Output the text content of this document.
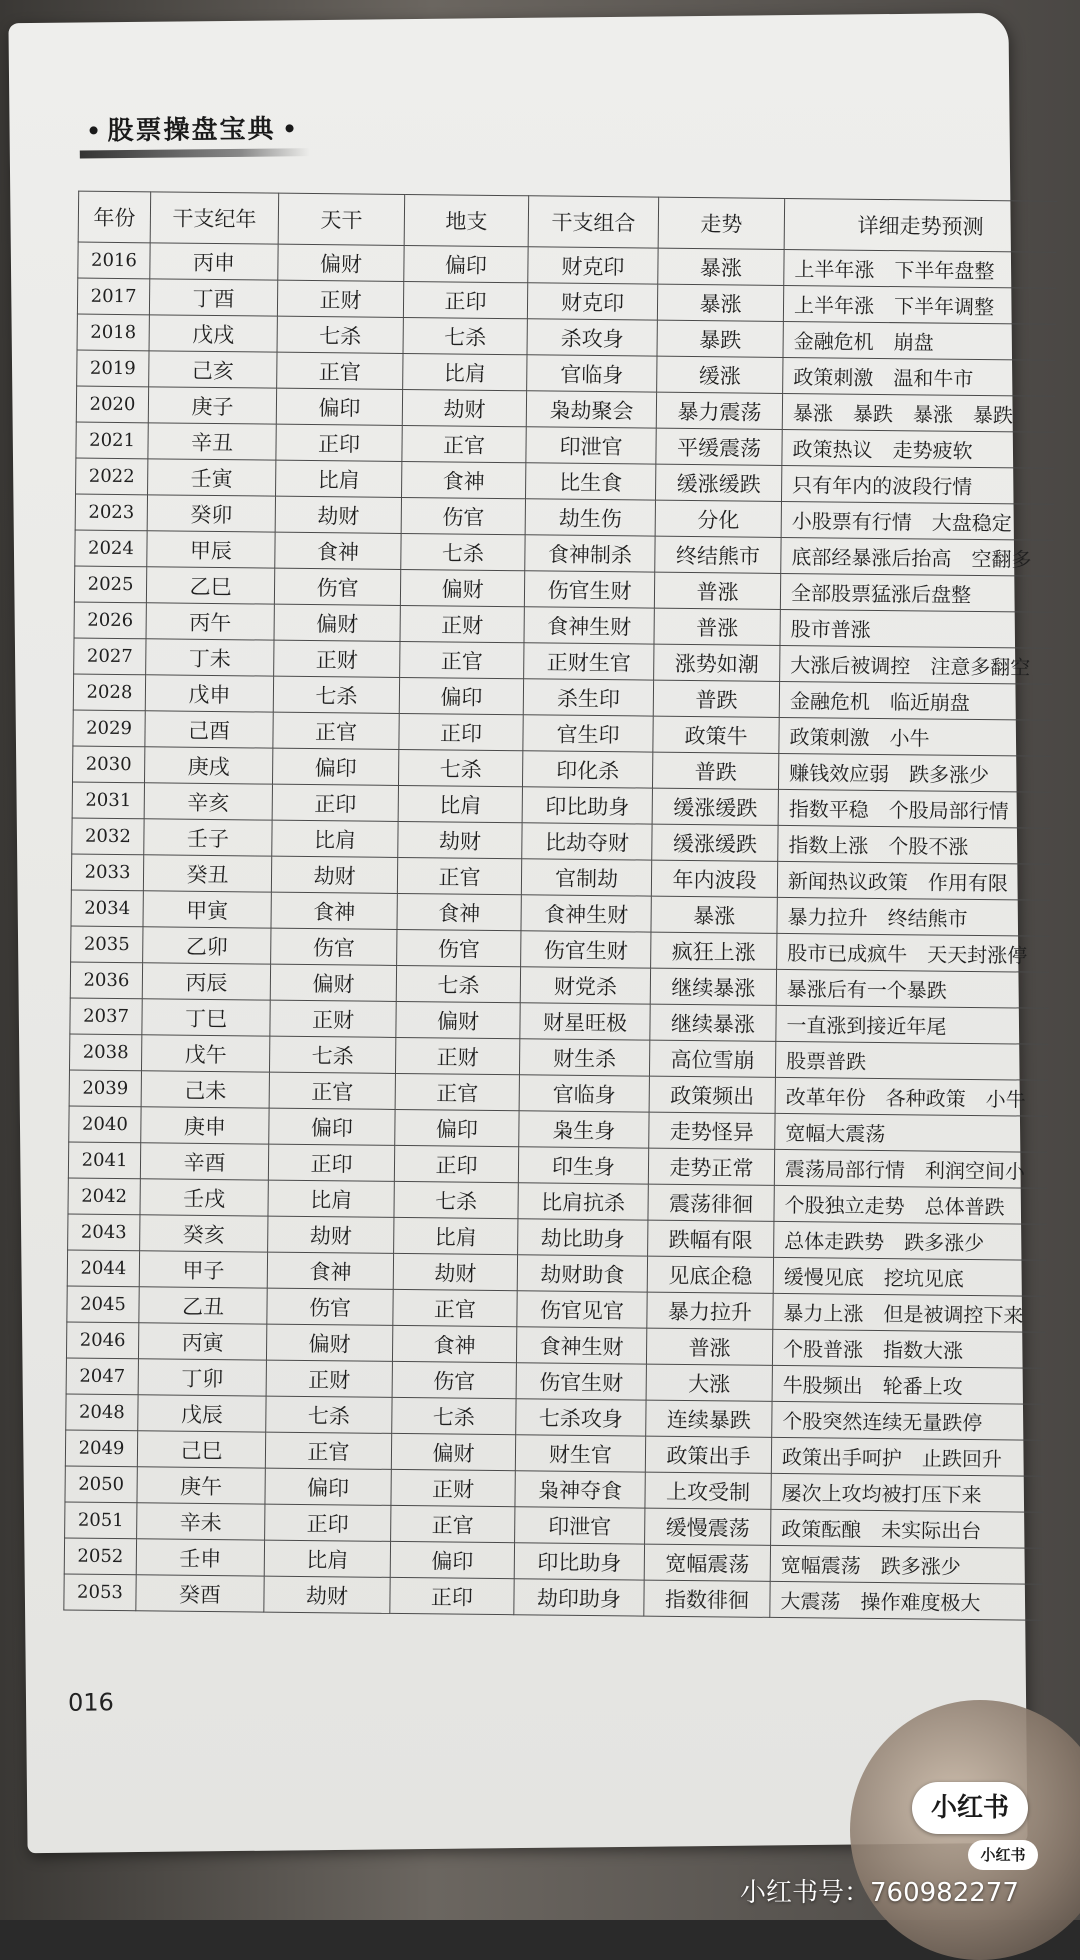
股票操盘宝典
年份	干支纪年	天干	地支	干支组合	走势	详细走势预测
2016	丙申	偏财	偏印	财克印	暴涨	上半年涨　下半年盘整
2017	丁酉	正财	正印	财克印	暴涨	上半年涨　下半年调整
2018	戊戌	七杀	七杀	杀攻身	暴跌	金融危机　崩盘
2019	己亥	正官	比肩	官临身	缓涨	政策刺激　温和牛市
2020	庚子	偏印	劫财	枭劫聚会	暴力震荡	暴涨　暴跌　暴涨　暴跌
2021	辛丑	正印	正官	印泄官	平缓震荡	政策热议　走势疲软
2022	壬寅	比肩	食神	比生食	缓涨缓跌	只有年内的波段行情
2023	癸卯	劫财	伤官	劫生伤	分化	小股票有行情　大盘稳定
2024	甲辰	食神	七杀	食神制杀	终结熊市	底部经暴涨后抬高　空翻多
2025	乙巳	伤官	偏财	伤官生财	普涨	全部股票猛涨后盘整
2026	丙午	偏财	正财	食神生财	普涨	股市普涨
2027	丁未	正财	正官	正财生官	涨势如潮	大涨后被调控　注意多翻空
2028	戊申	七杀	偏印	杀生印	普跌	金融危机　临近崩盘
2029	己酉	正官	正印	官生印	政策牛	政策刺激　小牛
2030	庚戌	偏印	七杀	印化杀	普跌	赚钱效应弱　跌多涨少
2031	辛亥	正印	比肩	印比助身	缓涨缓跌	指数平稳　个股局部行情
2032	壬子	比肩	劫财	比劫夺财	缓涨缓跌	指数上涨　个股不涨
2033	癸丑	劫财	正官	官制劫	年内波段	新闻热议政策　作用有限
2034	甲寅	食神	食神	食神生财	暴涨	暴力拉升　终结熊市
2035	乙卯	伤官	伤官	伤官生财	疯狂上涨	股市已成疯牛　天天封涨停
2036	丙辰	偏财	七杀	财党杀	继续暴涨	暴涨后有一个暴跌
2037	丁巳	正财	偏财	财星旺极	继续暴涨	一直涨到接近年尾
2038	戊午	七杀	正财	财生杀	高位雪崩	股票普跌
2039	己未	正官	正官	官临身	政策频出	改革年份　各种政策　小牛
2040	庚申	偏印	偏印	枭生身	走势怪异	宽幅大震荡
2041	辛酉	正印	正印	印生身	走势正常	震荡局部行情　利润空间小
2042	壬戌	比肩	七杀	比肩抗杀	震荡徘徊	个股独立走势　总体普跌
2043	癸亥	劫财	比肩	劫比助身	跌幅有限	总体走跌势　跌多涨少
2044	甲子	食神	劫财	劫财助食	见底企稳	缓慢见底　挖坑见底
2045	乙丑	伤官	正官	伤官见官	暴力拉升	暴力上涨　但是被调控下来
2046	丙寅	偏财	食神	食神生财	普涨	个股普涨　指数大涨
2047	丁卯	正财	伤官	伤官生财	大涨	牛股频出　轮番上攻
2048	戊辰	七杀	七杀	七杀攻身	连续暴跌	个股突然连续无量跌停
2049	己巳	正官	偏财	财生官	政策出手	政策出手呵护　止跌回升
2050	庚午	偏印	正财	枭神夺食	上攻受制	屡次上攻均被打压下来
2051	辛未	正印	正官	印泄官	缓慢震荡	政策酝酿　未实际出台
2052	壬申	比肩	偏印	印比助身	宽幅震荡	宽幅震荡　跌多涨少
2053	癸酉	劫财	正印	劫印助身	指数徘徊	大震荡　操作难度极大
016
小红书
小红书
小红书号：760982277
